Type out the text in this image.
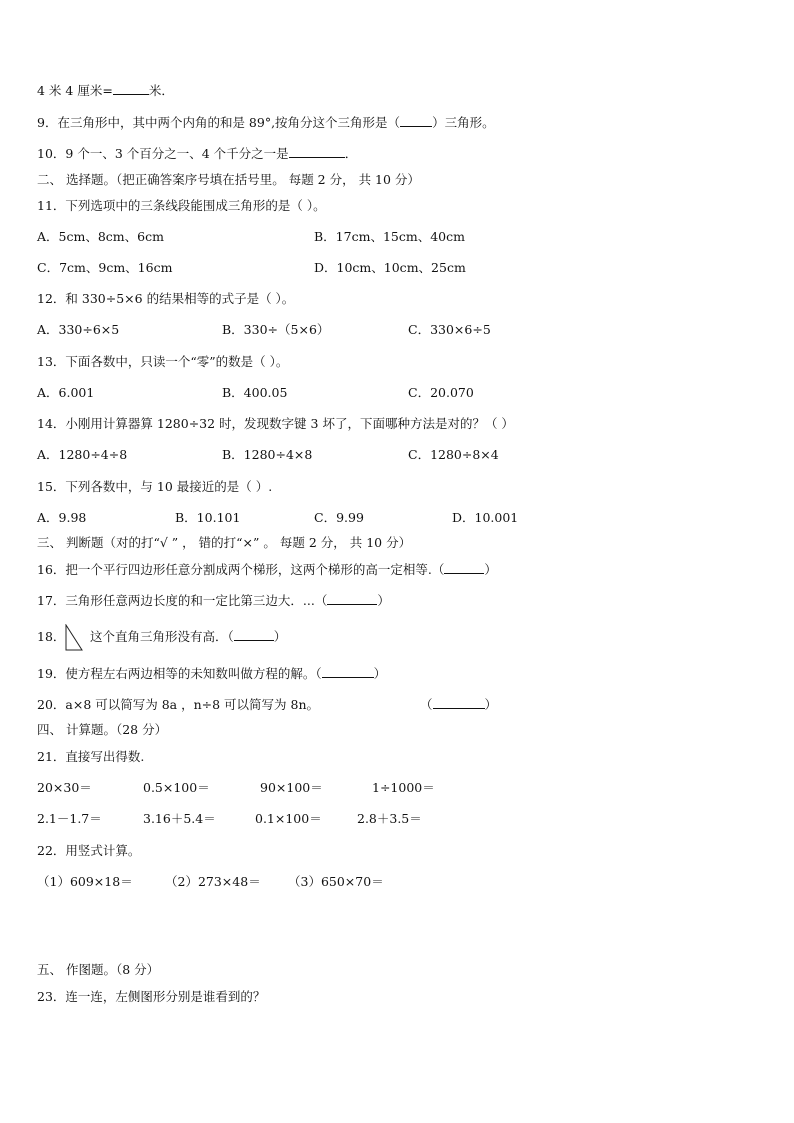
4 米 4 厘米=	米．
9．在三角形中，其中两个内角的和是 89°,按角分这个三角形是（	）三角形。
10．9 个一、3 个百分之一、4 个千分之一是	．
二、 选择题。（把正确答案序号填在括号里。 每题 2 分， 共 10 分）
11．下列选项中的三条线段能围成三角形的是（ ）。
A．5cm、8cm、6cm	B．17cm、15cm、40cm
C．7cm、9cm、16cm	D．10cm、10cm、25cm
12．和 330÷5×6 的结果相等的式子是（ ）。
A．330÷6×5	B．330÷（5×6）	C．330×6÷5
13．下面各数中，只读一个“零”的数是（ ）。
A．6.001	B．400.05	C．20.070
14．小刚用计算器算 1280÷32 时，发现数字键 3 坏了，下面哪种方法是对的？（ ）
A．1280÷4÷8	B．1280÷4×8	C．1280÷8×4
15．下列各数中，与 10 最接近的是（ ）.
A．9.98	B．10.101	C．9.99	D．10.001
三、 判断题（对的打“√ ” ， 错的打“×” 。 每题 2 分， 共 10 分）
16．把一个平行四边形任意分割成两个梯形，这两个梯形的高一定相等.（	）
17．三角形任意两边长度的和一定比第三边大．...（	）
18． 这个直角三角形没有高．（	）
19．使方程左右两边相等的未知数叫做方程的解。（	）
20．a×8 可以简写为 8a ，n÷8 可以简写为 8n。	（	）
四、 计算题。（28 分）
21．直接写出得数.
20×30＝	0.5×100＝	90×100＝	1÷1000＝
2.1－1.7＝	3.16＋5.4＝	0.1×100＝	2.8＋3.5＝
22．用竖式计算。
（1）609×18＝	（2）273×48＝ （3）650×70＝
五、 作图题。（8 分）
23．连一连，左侧图形分别是谁看到的？
